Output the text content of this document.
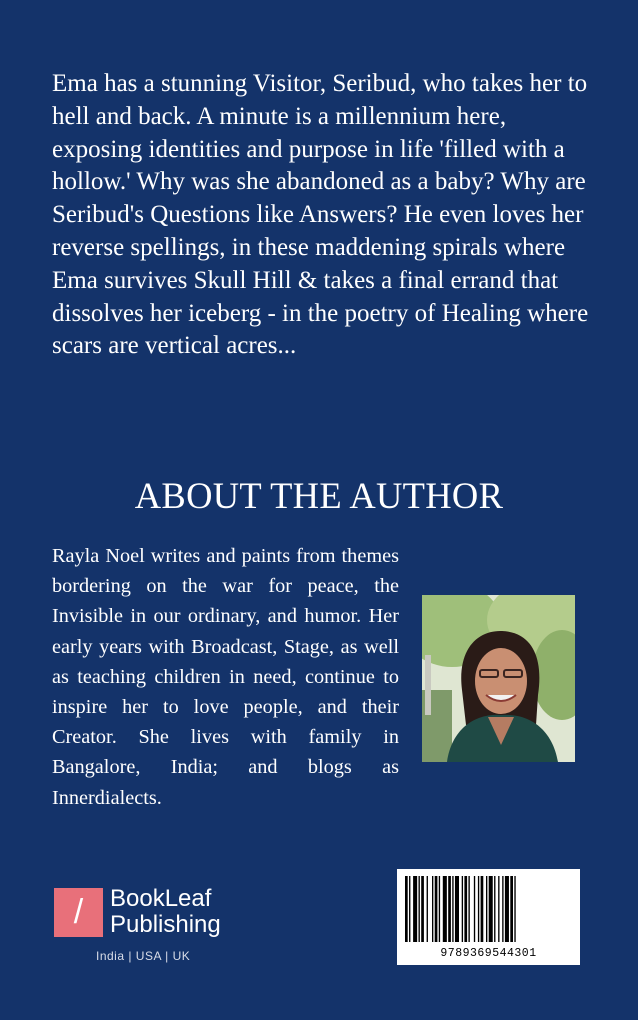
Ema has a stunning Visitor, Seribud, who takes her to hell and back. A minute is a millennium here, exposing identities and purpose in life 'filled with a hollow.' Why was she abandoned as a baby? Why are Seribud's Questions like Answers? He even loves her reverse spellings, in these maddening spirals where Ema survives Skull Hill & takes a final errand that dissolves her iceberg - in the poetry of Healing where scars are vertical acres...

ABOUT THE AUTHOR

Rayla Noel writes and paints from themes bordering on the war for peace, the Invisible in our ordinary, and humor. Her early years with Broadcast, Stage, as well as teaching children in need, continue to inspire her to love people, and their Creator. She lives with family in Bangalore, India; and blogs as Innerdialects.

/	BookLeaf
Publishing
India | USA | UK	9789369544301
